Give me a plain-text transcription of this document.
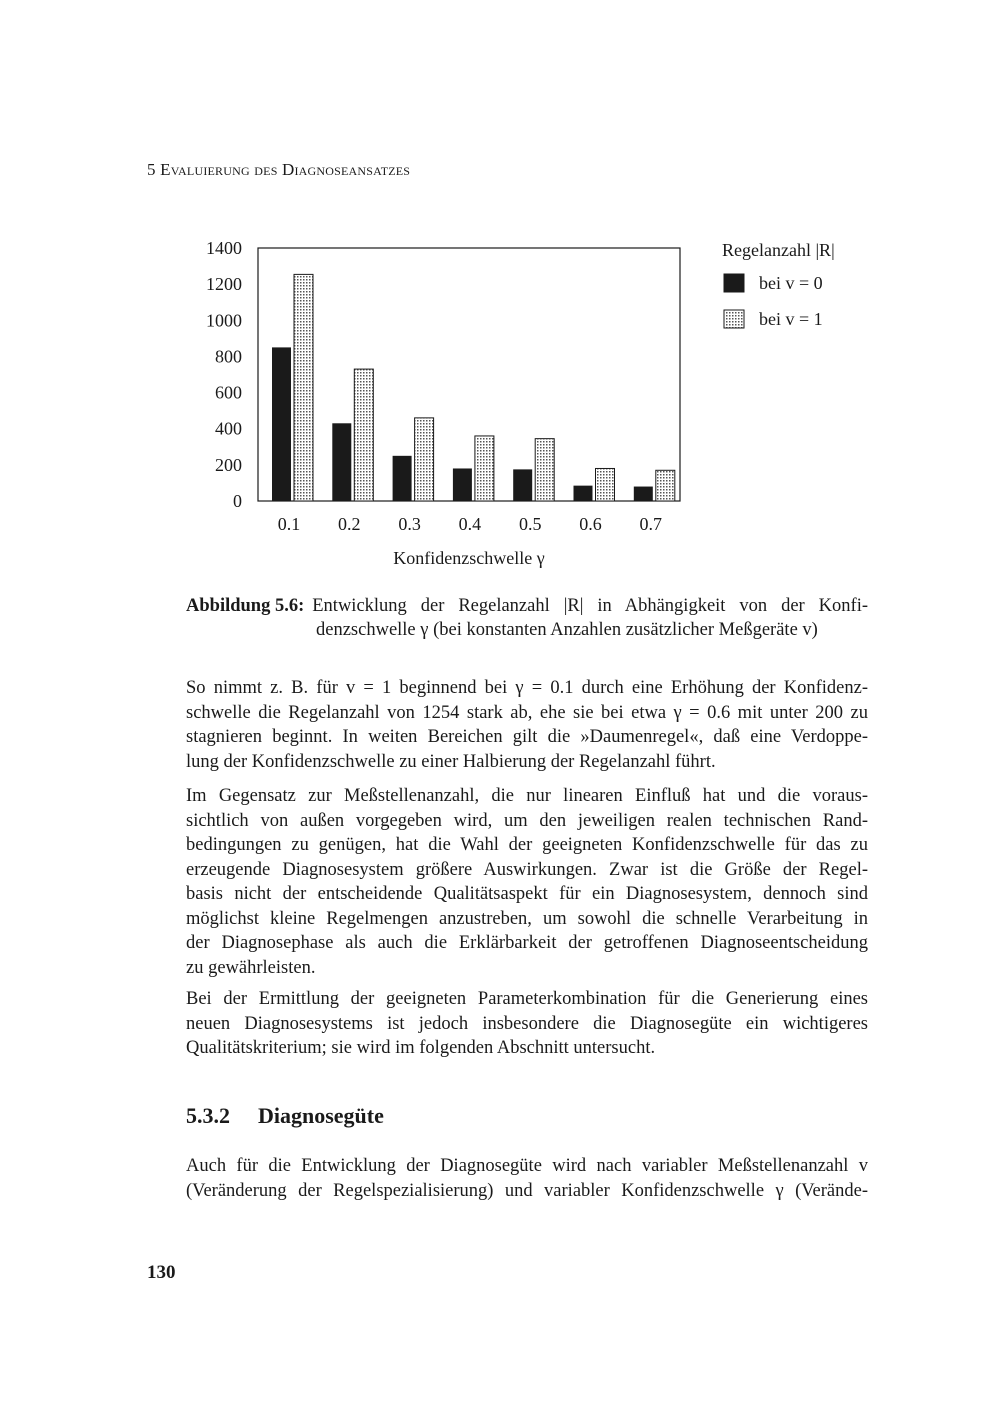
5 Evaluierung des Diagnoseansatzes
0
200
400
600
800
1000
1200
1400
0.1 0.2 0.3 0.4 0.5 0.6 0.7
Konfidenzschwelle γ
Regelanzahl |R|
bei v = 0
bei v = 1
Abbildung 5.6: Entwicklung der Regelanzahl |R| in Abhängigkeit von der Konfi-
denzschwelle γ (bei konstanten Anzahlen zusätzlicher Meßgeräte v)

So nimmt z. B. für v = 1 beginnend bei γ = 0.1 durch eine Erhöhung der Konfidenz-
schwelle die Regelanzahl von 1254 stark ab, ehe sie bei etwa γ = 0.6 mit unter 200 zu
stagnieren beginnt. In weiten Bereichen gilt die »Daumenregel«, daß eine Verdoppe-
lung der Konfidenzschwelle zu einer Halbierung der Regelanzahl führt.

Im Gegensatz zur Meßstellenanzahl, die nur linearen Einfluß hat und die voraus-
sichtlich von außen vorgegeben wird, um den jeweiligen realen technischen Rand-
bedingungen zu genügen, hat die Wahl der geeigneten Konfidenzschwelle für das zu
erzeugende Diagnosesystem größere Auswirkungen. Zwar ist die Größe der Regel-
basis nicht der entscheidende Qualitätsaspekt für ein Diagnosesystem, dennoch sind
möglichst kleine Regelmengen anzustreben, um sowohl die schnelle Verarbeitung in
der Diagnosephase als auch die Erklärbarkeit der getroffenen Diagnoseentscheidung
zu gewährleisten.

Bei der Ermittlung der geeigneten Parameterkombination für die Generierung eines
neuen Diagnosesystems ist jedoch insbesondere die Diagnosegüte ein wichtigeres
Qualitätskriterium; sie wird im folgenden Abschnitt untersucht.

5.3.2 Diagnosegüte

Auch für die Entwicklung der Diagnosegüte wird nach variabler Meßstellenanzahl v
(Veränderung der Regelspezialisierung) und variabler Konfidenzschwelle γ (Verände-

130
